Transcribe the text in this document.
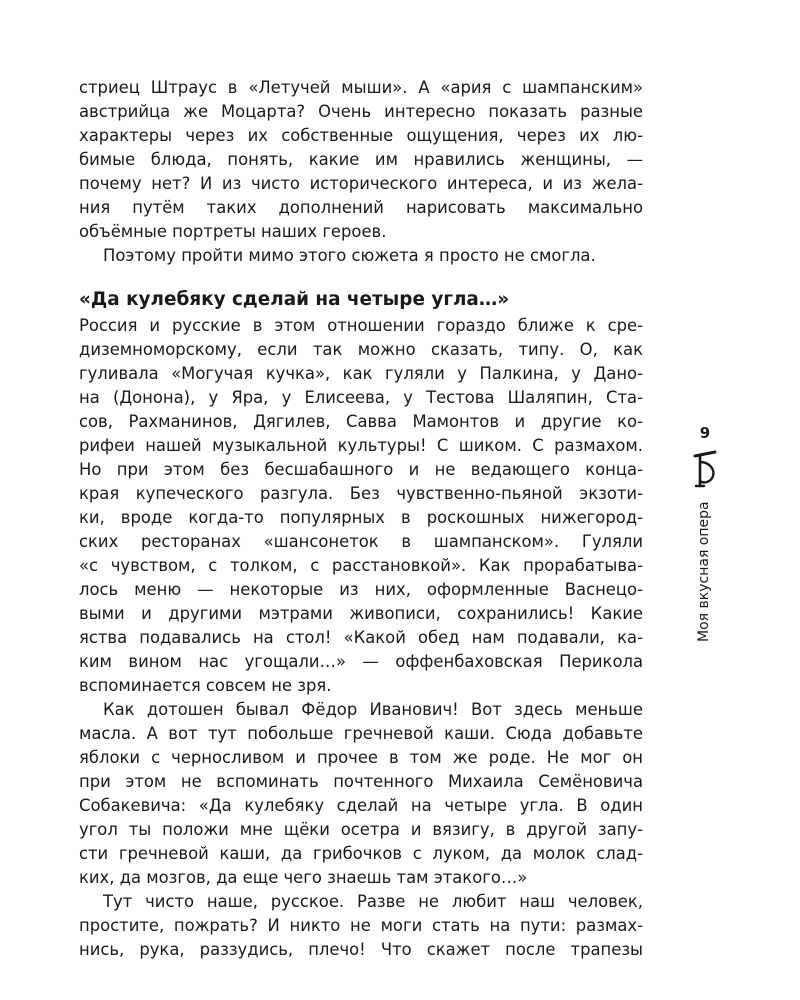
стриец Штраус в «Летучей мыши». А «ария с шампанским»
австрийца же Моцарта? Очень интересно показать разные
характеры через их собственные ощущения, через их лю-
бимые блюда, понять, какие им нравились женщины, —
почему нет? И из чисто исторического интереса, и из жела-
ния путём таких дополнений нарисовать максимально
объёмные портреты наших героев.
Поэтому пройти мимо этого сюжета я просто не смогла.
«Да кулебяку сделай на четыре угла…»
Россия и русские в этом отношении гораздо ближе к сре-
диземноморскому, если так можно сказать, типу. О, как
гуливала «Могучая кучка», как гуляли у Палкина, у Дано-
на (Донона), у Яра, у Елисеева, у Тестова Шаляпин, Ста-
сов, Рахманинов, Дягилев, Савва Мамонтов и другие ко-
рифеи нашей музыкальной культуры! С шиком. С размахом.
Но при этом без бесшабашного и не ведающего конца-
края купеческого разгула. Без чувственно-пьяной экзоти-
ки, вроде когда-то популярных в роскошных нижегород-
ских ресторанах «шансонеток в шампанском». Гуляли
«с чувством, с толком, с расстановкой». Как прорабатыва-
лось меню — некоторые из них, оформленные Васнецо-
выми и другими мэтрами живописи, сохранились! Какие
яства подавались на стол! «Какой обед нам подавали, ка-
ким вином нас угощали…» — оффенбаховская Перикола
вспоминается совсем не зря.
Как дотошен бывал Фёдор Иванович! Вот здесь меньше
масла. А вот тут побольше гречневой каши. Сюда добавьте
яблоки с черносливом и прочее в том же роде. Не мог он
при этом не вспоминать почтенного Михаила Семёновича
Собакевича: «Да кулебяку сделай на четыре угла. В один
угол ты положи мне щёки осетра и вязигу, в другой запу-
сти гречневой каши, да грибочков с луком, да молок слад-
ких, да мозгов, да еще чего знаешь там этакого…»
Тут чисто наше, русское. Разве не любит наш человек,
простите, пожрать? И никто не моги стать на пути: размах-
нись, рука, раззудись, плечо! Что скажет после трапезы
9
Моя вкусная опера
